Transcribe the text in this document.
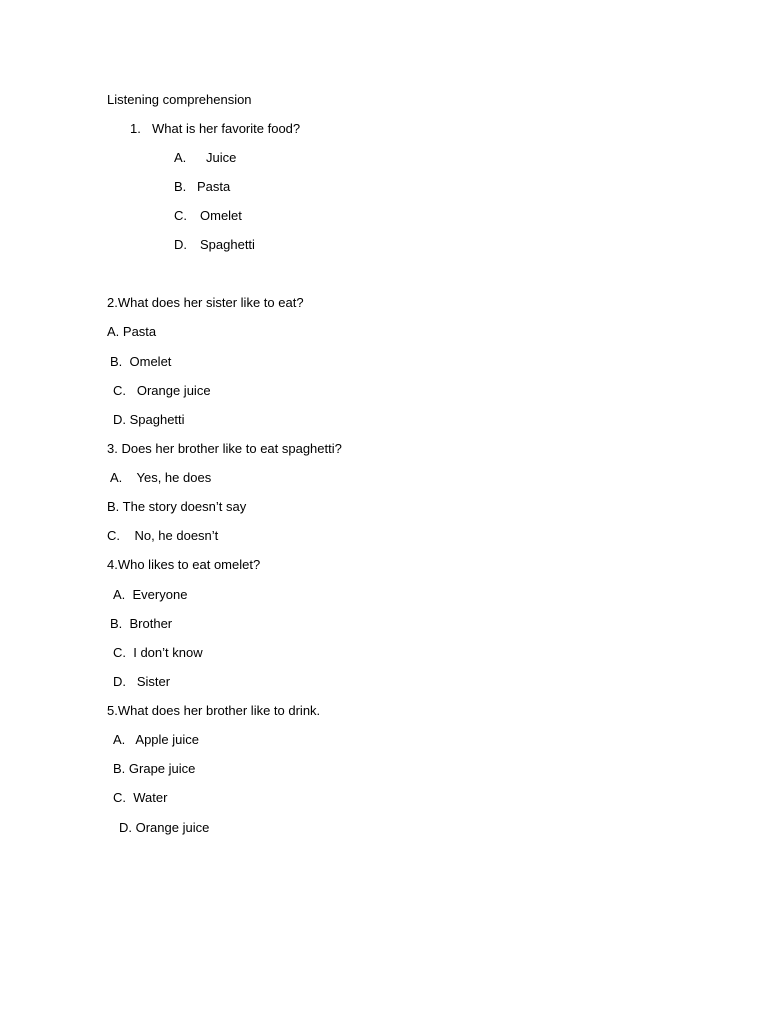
Listening comprehension

1. What is her favorite food?

A. Juice

B. Pasta

C. Omelet

D. Spaghetti

2.What does her sister like to eat?

A. Pasta

B.  Omelet

C.   Orange juice

D. Spaghetti

3. Does her brother like to eat spaghetti?

A.    Yes, he does

B. The story doesn’t say

C.    No, he doesn’t

4.Who likes to eat omelet?

A.  Everyone

B.  Brother

C.  I don’t know

D.   Sister

5.What does her brother like to drink.

A.   Apple juice

B. Grape juice

C.  Water

D. Orange juice
